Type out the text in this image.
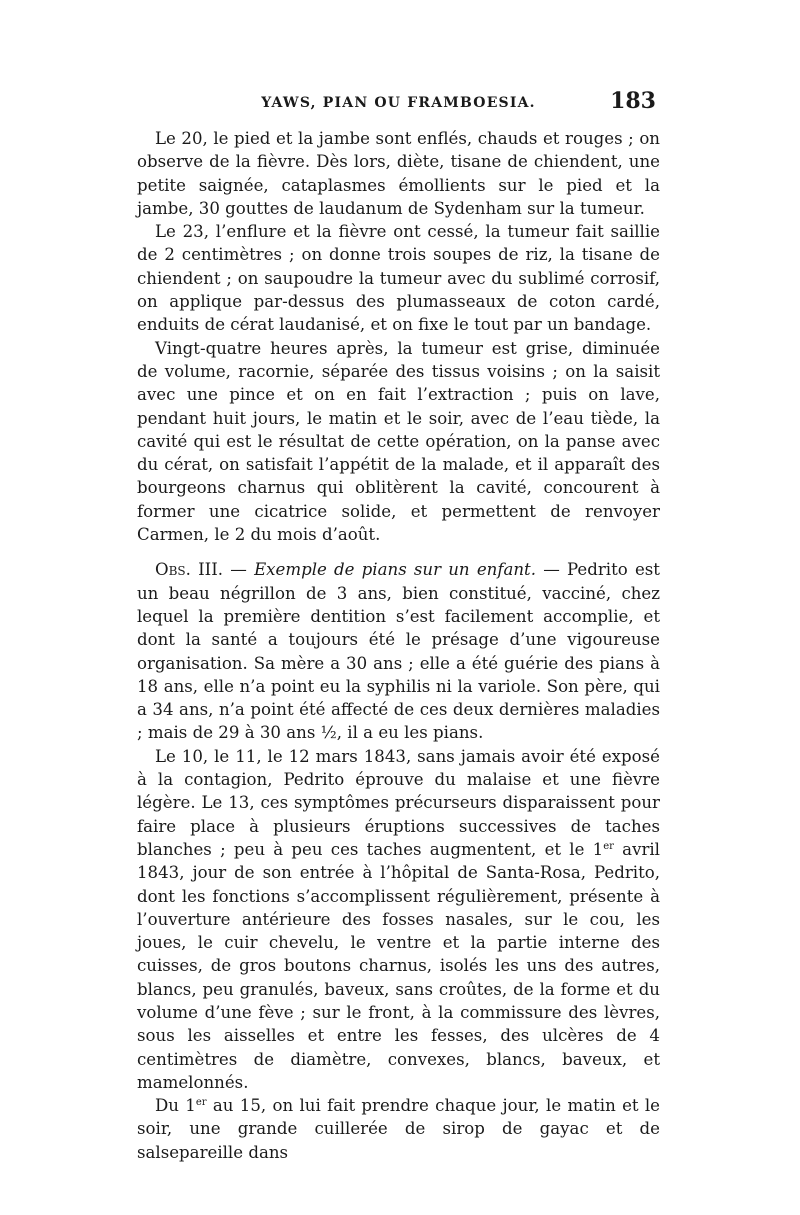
YAWS, PIAN OU FRAMBOESIA.	183

Le 20, le pied et la jambe sont enflés, chauds et rouges ; on observe de la fièvre. Dès lors, diète, tisane de chiendent, une petite saignée, cataplasmes émollients sur le pied et la jambe, 30 gouttes de laudanum de Sydenham sur la tumeur.

Le 23, l’enflure et la fièvre ont cessé, la tumeur fait saillie de 2 centimètres ; on donne trois soupes de riz, la tisane de chiendent ; on saupoudre la tumeur avec du sublimé corrosif, on applique par-dessus des plumasseaux de coton cardé, enduits de cérat laudanisé, et on fixe le tout par un bandage.

Vingt-quatre heures après, la tumeur est grise, diminuée de volume, racornie, séparée des tissus voisins ; on la saisit avec une pince et on en fait l’extraction ; puis on lave, pendant huit jours, le matin et le soir, avec de l’eau tiède, la cavité qui est le résultat de cette opération, on la panse avec du cérat, on satisfait l’appétit de la malade, et il apparaît des bourgeons charnus qui oblitèrent la cavité, concourent à former une cicatrice solide, et permettent de renvoyer Carmen, le 2 du mois d’août.

Obs. III. — Exemple de pians sur un enfant. — Pedrito est un beau négrillon de 3 ans, bien constitué, vacciné, chez lequel la première dentition s’est facilement accomplie, et dont la santé a toujours été le présage d’une vigoureuse organisation. Sa mère a 30 ans ; elle a été guérie des pians à 18 ans, elle n’a point eu la syphilis ni la variole. Son père, qui a 34 ans, n’a point été affecté de ces deux dernières maladies ; mais de 29 à 30 ans ½, il a eu les pians.

Le 10, le 11, le 12 mars 1843, sans jamais avoir été exposé à la contagion, Pedrito éprouve du malaise et une fièvre légère. Le 13, ces symptômes précurseurs disparaissent pour faire place à plusieurs éruptions successives de taches blanches ; peu à peu ces taches augmentent, et le 1er avril 1843, jour de son entrée à l’hôpital de Santa-Rosa, Pedrito, dont les fonctions s’accomplissent régulièrement, présente à l’ouverture antérieure des fosses nasales, sur le cou, les joues, le cuir chevelu, le ventre et la partie interne des cuisses, de gros boutons charnus, isolés les uns des autres, blancs, peu granulés, baveux, sans croûtes, de la forme et du volume d’une fève ; sur le front, à la commissure des lèvres, sous les aisselles et entre les fesses, des ulcères de 4 centimètres de diamètre, convexes, blancs, baveux, et mamelonnés.

Du 1er au 15, on lui fait prendre chaque jour, le matin et le soir, une grande cuillerée de sirop de gayac et de salsepareille dans
